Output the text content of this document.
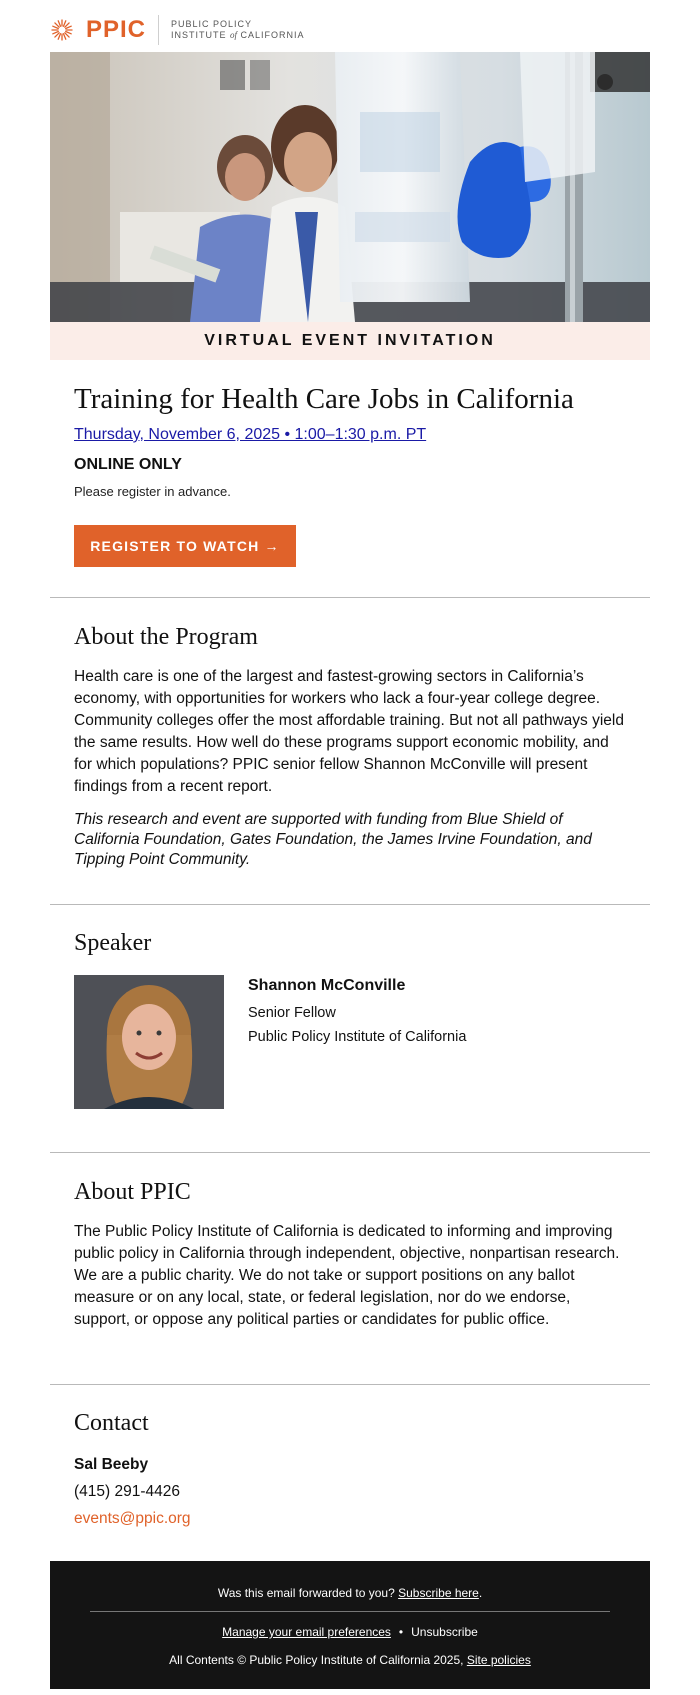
PPIC	PUBLIC POLICY
INSTITUTE of CALIFORNIA
VIRTUAL EVENT INVITATION
Training for Health Care Jobs in California
Thursday, November 6, 2025 • 1:00–1:30 p.m. PT
ONLINE ONLY
Please register in advance.
REGISTER TO WATCH →
About the Program

Health care is one of the largest and fastest-growing sectors in California’s economy, with opportunities for workers who lack a four-year college degree. Community colleges offer the most affordable training. But not all pathways yield the same results. How well do these programs support economic mobility, and for which populations? PPIC senior fellow Shannon McConville will present findings from a recent report.

This research and event are supported with funding from Blue Shield of California Foundation, Gates Foundation, the James Irvine Foundation, and Tipping Point Community.

Speaker
Shannon McConville
Senior Fellow
Public Policy Institute of California
About PPIC

The Public Policy Institute of California is dedicated to informing and improving public policy in California through independent, objective, nonpartisan research. We are a public charity. We do not take or support positions on any ballot measure or on any local, state, or federal legislation, nor do we endorse, support, or oppose any political parties or candidates for public office.

Contact
Sal Beeby
(415) 291-4426
events@ppic.org
Was this email forwarded to you? Subscribe here.
Manage your email preferences • Unsubscribe
All Contents © Public Policy Institute of California 2025, Site policies
